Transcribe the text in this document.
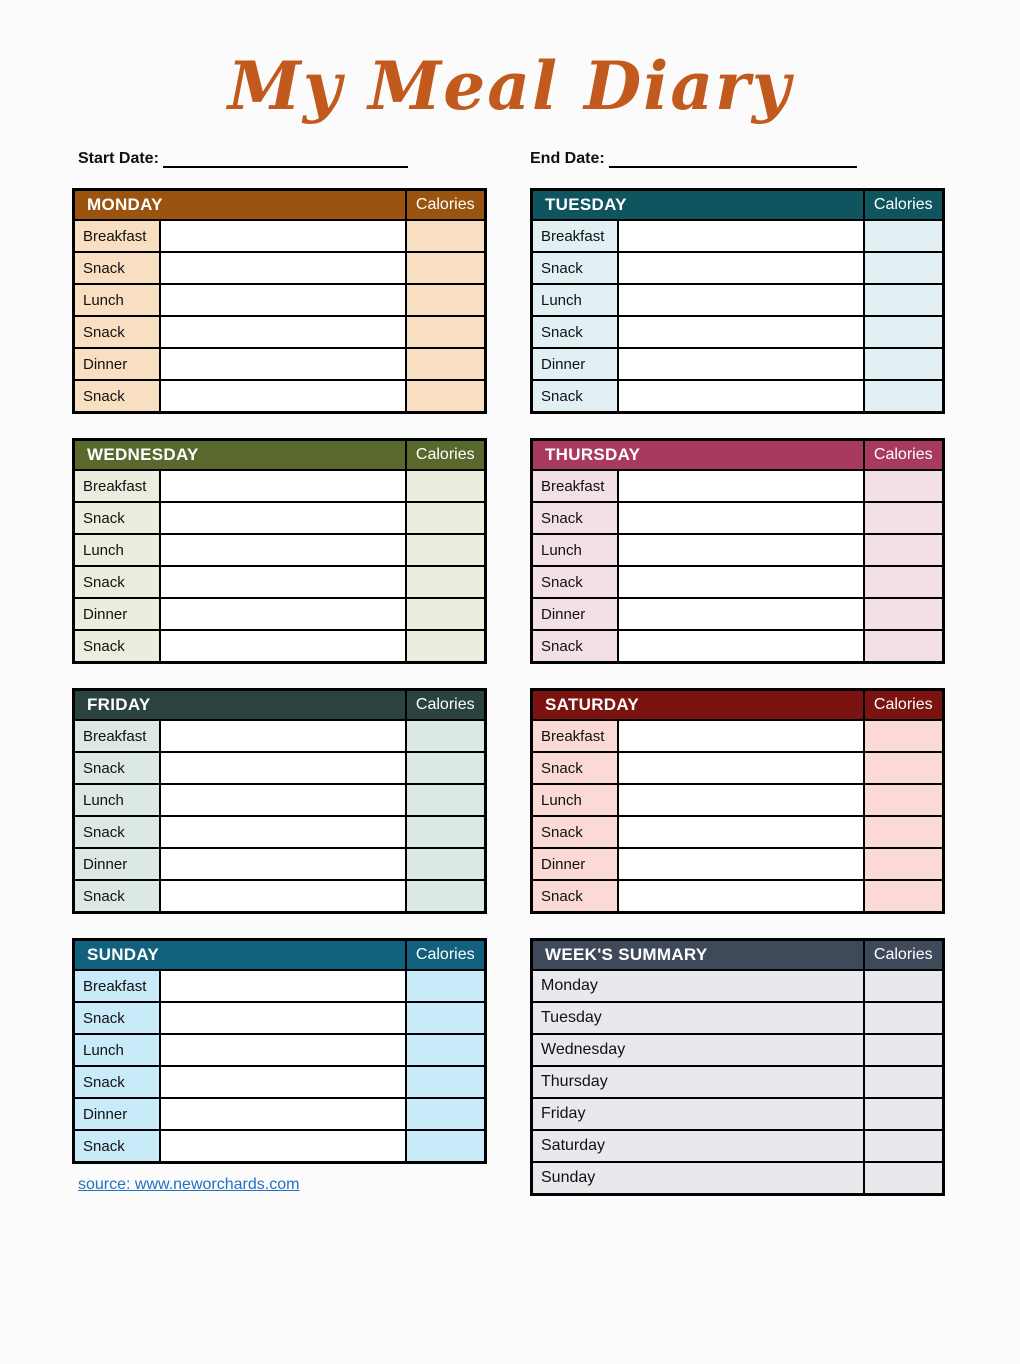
My Meal Diary
Start Date:	End Date:
MONDAY		Calories
Breakfast		
Snack		
Lunch		
Snack		
Dinner		
Snack		
TUESDAY		Calories
Breakfast		
Snack		
Lunch		
Snack		
Dinner		
Snack		
WEDNESDAY		Calories
Breakfast		
Snack		
Lunch		
Snack		
Dinner		
Snack		
THURSDAY		Calories
Breakfast		
Snack		
Lunch		
Snack		
Dinner		
Snack		
FRIDAY		Calories
Breakfast		
Snack		
Lunch		
Snack		
Dinner		
Snack		
SATURDAY		Calories
Breakfast		
Snack		
Lunch		
Snack		
Dinner		
Snack		
SUNDAY		Calories
Breakfast		
Snack		
Lunch		
Snack		
Dinner		
Snack		
source: www.neworchards.com
WEEK'S SUMMARY	Calories
Monday	
Tuesday	
Wednesday	
Thursday	
Friday	
Saturday	
Sunday	
